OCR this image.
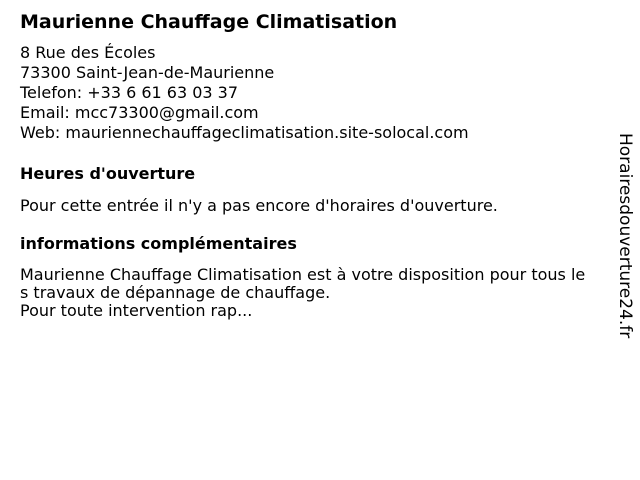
Maurienne Chauffage Climatisation
8 Rue des Écoles
73300 Saint-Jean-de-Maurienne
Telefon: +33 6 61 63 03 37
Email: mcc73300@gmail.com
Web: mauriennechauffageclimatisation.site-solocal.com
Heures d'ouverture
Pour cette entrée il n'y a pas encore d'horaires d'ouverture.
informations complémentaires
Maurienne Chauffage Climatisation est à votre disposition pour tous les travaux de dépannage de chauffage.
Pour toute intervention rap...	Horairesdouverture24.fr
